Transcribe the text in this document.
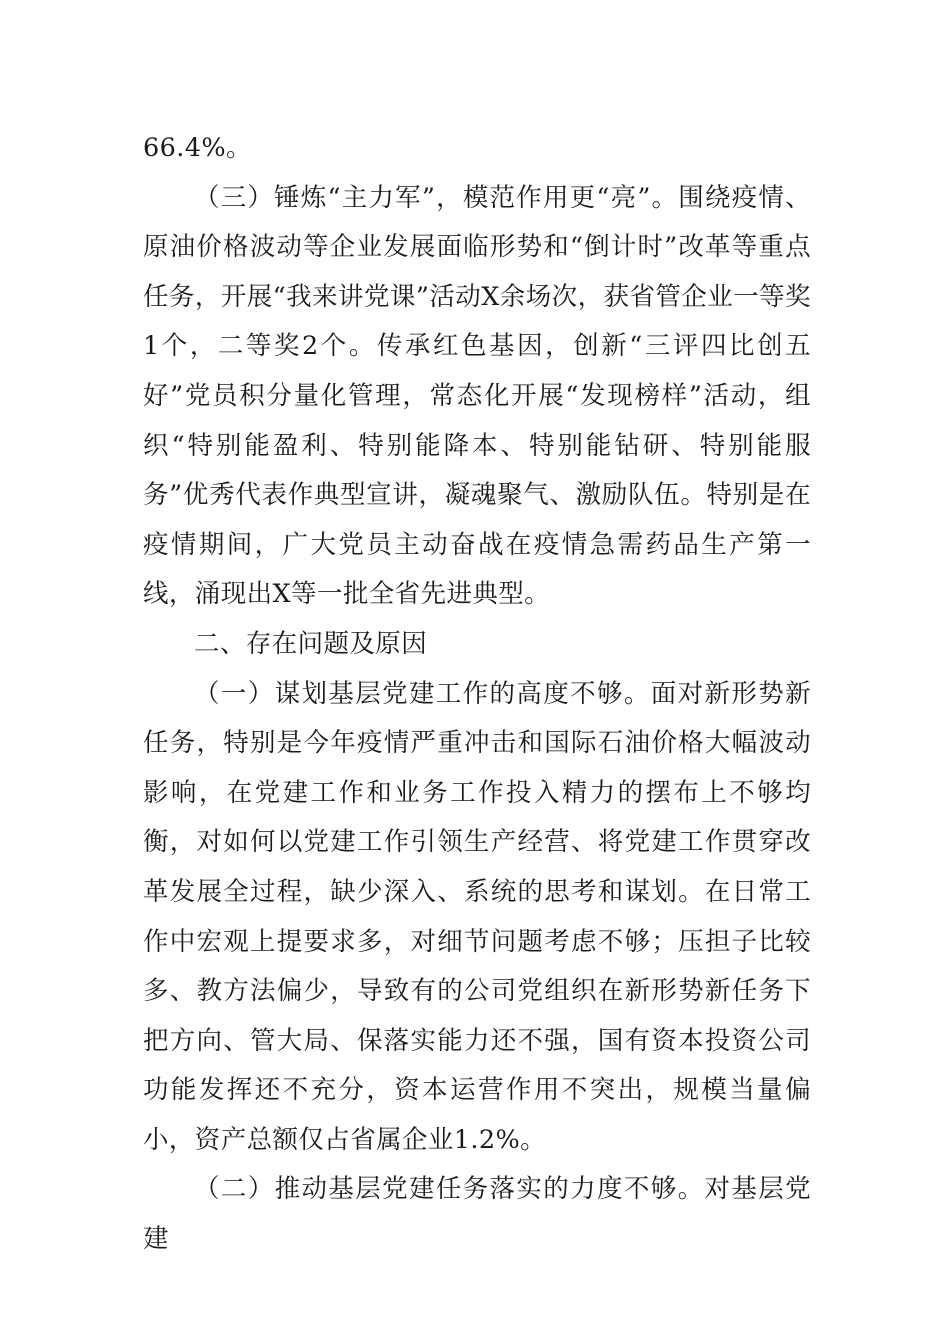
66.4%。

（三）锤炼“主力军”，模范作用更“亮”。围绕疫情、原油价格波动等企业发展面临形势和“倒计时”改革等重点任务，开展“我来讲党课”活动X余场次，获省管企业一等奖1个，二等奖2个。传承红色基因，创新“三评四比创五好”党员积分量化管理，常态化开展“发现榜样”活动，组织“特别能盈利、特别能降本、特别能钻研、特别能服务”优秀代表作典型宣讲，凝魂聚气、激励队伍。特别是在疫情期间，广大党员主动奋战在疫情急需药品生产第一线，涌现出X等一批全省先进典型。

二、存在问题及原因

（一）谋划基层党建工作的高度不够。面对新形势新任务，特别是今年疫情严重冲击和国际石油价格大幅波动影响，在党建工作和业务工作投入精力的摆布上不够均衡，对如何以党建工作引领生产经营、将党建工作贯穿改革发展全过程，缺少深入、系统的思考和谋划。在日常工作中宏观上提要求多，对细节问题考虑不够；压担子比较多、教方法偏少，导致有的公司党组织在新形势新任务下把方向、管大局、保落实能力还不强，国有资本投资公司功能发挥还不充分，资本运营作用不突出，规模当量偏小，资产总额仅占省属企业1.2%。

（二）推动基层党建任务落实的力度不够。对基层党建
